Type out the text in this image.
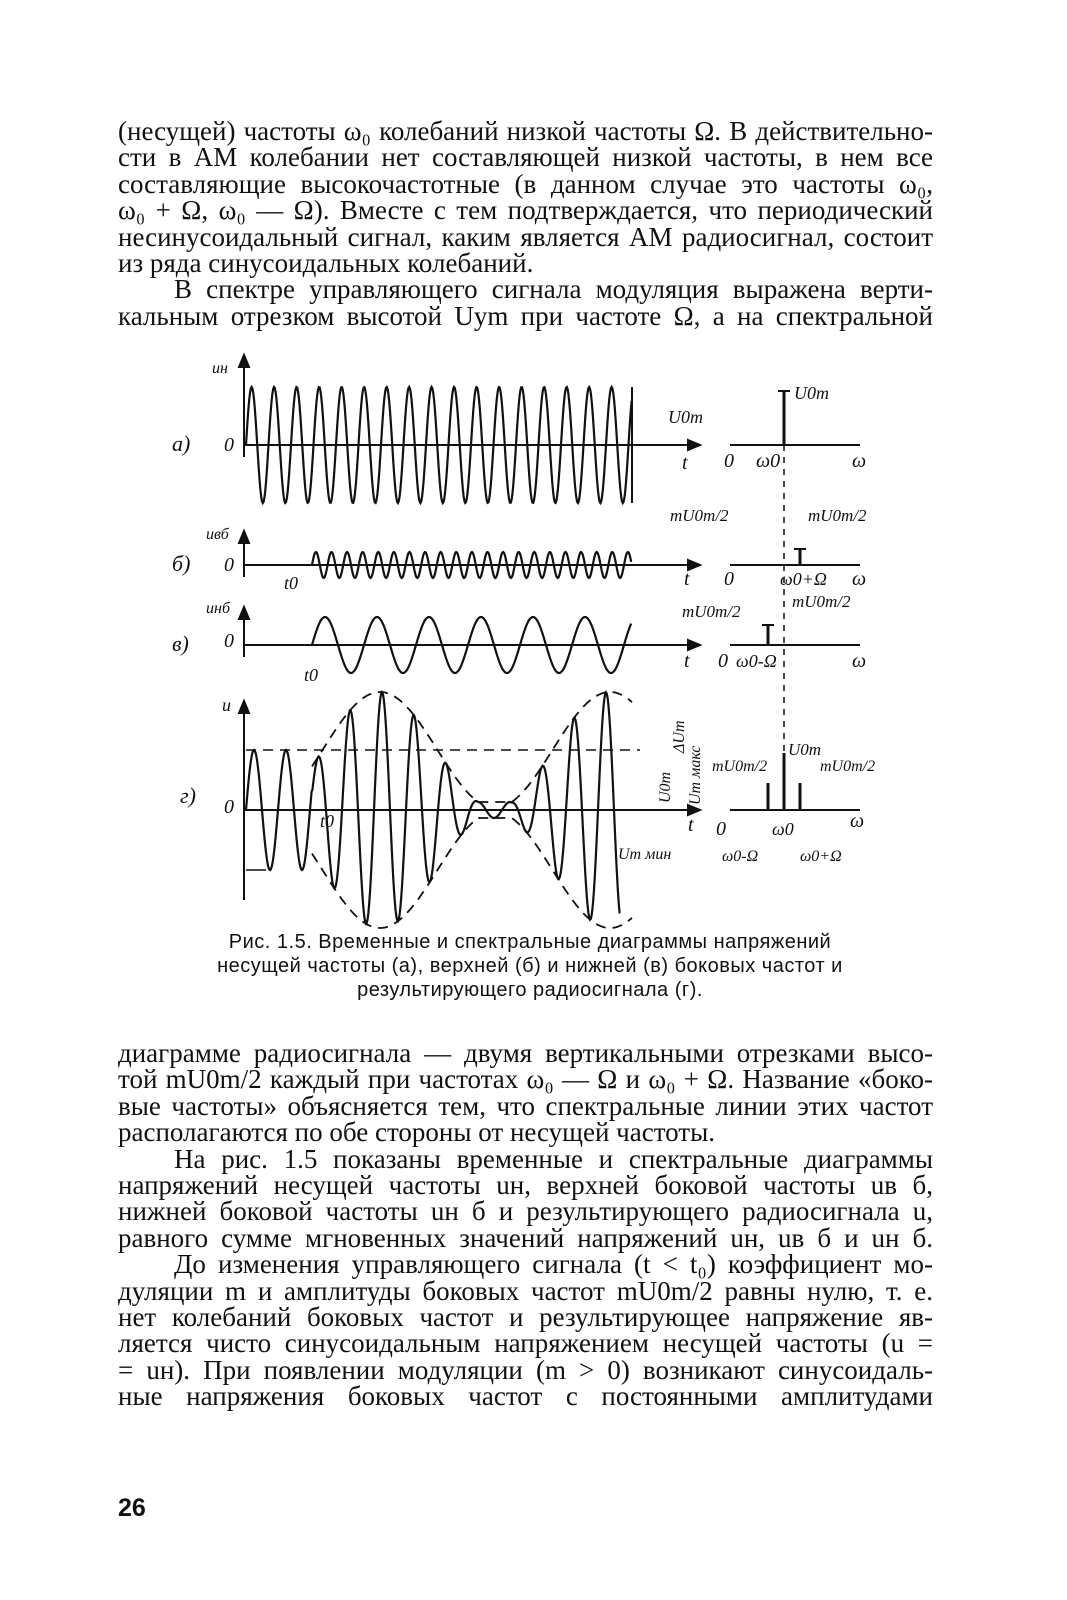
(несущей) частоты ω₀ колебаний низкой частоты Ω. В действительно-
сти в АМ колебании нет составляющей низкой частоты, в нем все
составляющие высокочастотные (в данном случае это частоты ω₀,
ω₀ + Ω, ω₀ — Ω). Вместе с тем подтверждается, что периодический
несинусоидальный сигнал, каким является АМ радиосигнал, состоит
из ряда синусоидальных колебаний.
В спектре управляющего сигнала модуляция выражена верти-
кальным отрезком высотой Uуm при частоте Ω, а на спектральной
uн
а) 0
t
U0m
0 ω0
U0m
ω
uвб
б) 0
t0	t
mU0m/2
0	ω0+Ω
mU0m/2
ω
uнб
в) 0
t0
t
mU0m/2
0 ω0-Ω
mU0m/2
ω
u
г) 0
t0	t
U0m
ΔUm
Um макс
Um мин
0	ω0
U0m
mU0m/2	mU0m/2
ω0-Ω	ω0+Ω
ω
Рис. 1.5. Временные и спектральные диаграммы напряжений
несущей частоты (а), верхней (б) и нижней (в) боковых частот и
результирующего радиосигнала (г).
диаграмме радиосигнала — двумя вертикальными отрезками высо-
той mU0m/2 каждый при частотах ω₀ — Ω и ω₀ + Ω. Название «боко-
вые частоты» объясняется тем, что спектральные линии этих частот
располагаются по обе стороны от несущей частоты.
На рис. 1.5 показаны временные и спектральные диаграммы
напряжений несущей частоты uн, верхней боковой частоты uв б,
нижней боковой частоты uн б и результирующего радиосигнала u,
равного сумме мгновенных значений напряжений uн, uв б и uн б.
До изменения управляющего сигнала (t < t₀) коэффициент мо-
дуляции m и амплитуды боковых частот mU0m/2 равны нулю, т. е.
нет колебаний боковых частот и результирующее напряжение яв-
ляется чисто синусоидальным напряжением несущей частоты (u =
= uн). При появлении модуляции (m > 0) возникают синусоидаль-
ные напряжения боковых частот с постоянными амплитудами
26
